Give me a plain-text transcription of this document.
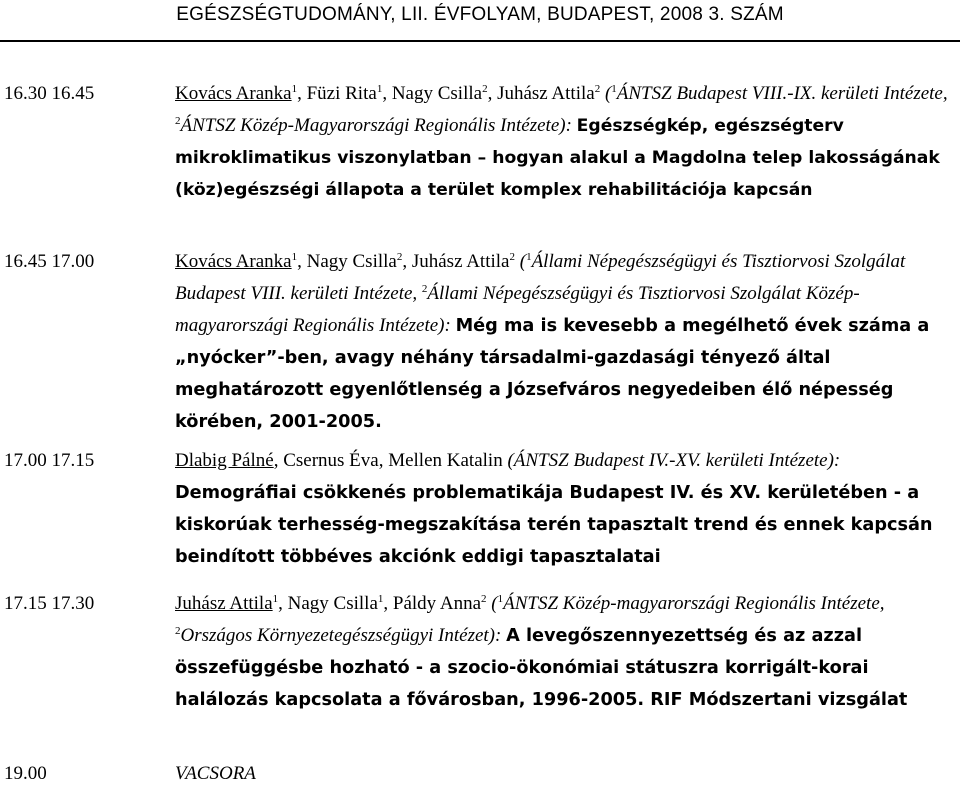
EGÉSZSÉGTUDOMÁNY, LII. ÉVFOLYAM, BUDAPEST, 2008 3. SZÁM
16.30 16.45	Kovács Aranka$^1$, Füzi Rita$^1$, Nagy Csilla$^2$, Juhász Attila$^2$ ($^1$ÁNTSZ Budapest VIII.-IX. kerületi Intézete, $^2$ÁNTSZ Közép-Magyarországi Regionális Intézete): Egészségkép, egészségterv mikroklimatikus viszonylatban – hogyan alakul a Magdolna telep lakosságának (köz)egészségi állapota a terület komplex rehabilitációja kapcsán
16.45 17.00	Kovács Aranka$^1$, Nagy Csilla$^2$, Juhász Attila$^2$ ($^1$Állami Népegészségügyi és Tisztiorvosi Szolgálat Budapest VIII. kerületi Intézete, $^2$Állami Népegészségügyi és Tisztiorvosi Szolgálat Közép-magyarországi Regionális Intézete): Még ma is kevesebb a megélhető évek száma a „nyócker”-ben, avagy néhány társadalmi-gazdasági tényező által meghatározott egyenlőtlenség a Józsefváros negyedeiben élő népesség körében, 2001-2005.
17.00 17.15	Dlabig Pálné, Csernus Éva, Mellen Katalin (ÁNTSZ Budapest IV.-XV. kerületi Intézete): Demográfiai csökkenés problematikája Budapest IV. és XV. kerületében - a kiskorúak terhesség-megszakítása terén tapasztalt trend és ennek kapcsán beindított többéves akciónk eddigi tapasztalatai
17.15 17.30	Juhász Attila$^1$, Nagy Csilla$^1$, Páldy Anna$^2$ ($^1$ÁNTSZ Közép-magyarországi Regionális Intézete, $^2$Országos Környezetegészségügyi Intézet): A levegőszennyezettség és az azzal összefüggésbe hozható - a szocio-ökonómiai státuszra korrigált-korai halálozás kapcsolata a fővárosban, 1996-2005. RIF Módszertani vizsgálat
19.00	VACSORA
